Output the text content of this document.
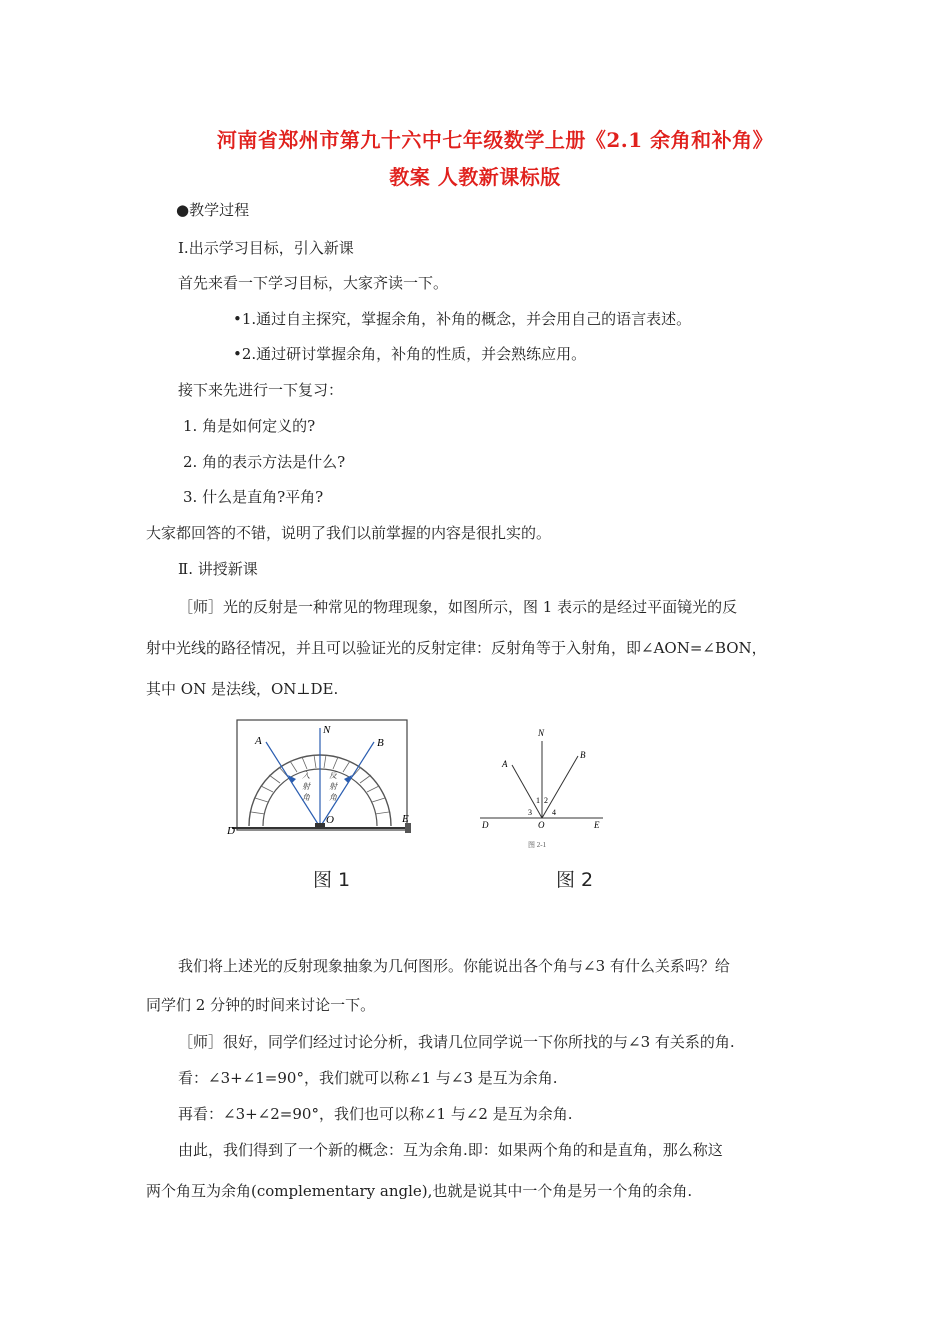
河南省郑州市第九十六中七年级数学上册《2.1 余角和补角》
教案 人教新课标版
●教学过程
Ⅰ.出示学习目标，引入新课
首先来看一下学习目标，大家齐读一下。
•1.通过自主探究，掌握余角，补角的概念，并会用自己的语言表述。
•2.通过研讨掌握余角，补角的性质，并会熟练应用。
接下来先进行一下复习：
1. 角是如何定义的?
2. 角的表示方法是什么?
3. 什么是直角?平角?
大家都回答的不错，说明了我们以前掌握的内容是很扎实的。
Ⅱ. 讲授新课
［师］光的反射是一种常见的物理现象，如图所示，图 1 表示的是经过平面镜光的反
射中光线的路径情况，并且可以验证光的反射定律：反射角等于入射角，即∠AON=∠BON，
其中 ON 是法线，ON⊥DE.
N
A	B
O
D
E
入
射
角
反
射
角
图 1
N
A
B
O
D	E
1 2
3	4
图 2-1
图 2
我们将上述光的反射现象抽象为几何图形。你能说出各个角与∠3 有什么关系吗？给
同学们 2 分钟的时间来讨论一下。
［师］很好，同学们经过讨论分析，我请几位同学说一下你所找的与∠3 有关系的角.
看：∠3+∠1=90°，我们就可以称∠1 与∠3 是互为余角.
再看：∠3+∠2=90°，我们也可以称∠1 与∠2 是互为余角.
由此，我们得到了一个新的概念：互为余角.即：如果两个角的和是直角，那么称这
两个角互为余角(complementary angle),也就是说其中一个角是另一个角的余角.
